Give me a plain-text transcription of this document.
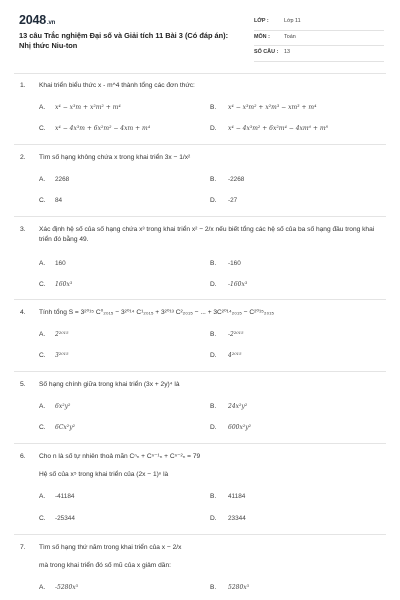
2048.vn
13 câu Trắc nghiệm Đại số và Giải tích 11 Bài 3 (Có đáp án): Nhị thức Niu-ton
LỚP :	Lớp 11
MÔN :	Toán
SỐ CÂU : 13
1. Khai triển biểu thức x - m^4 thành tổng các đơn thức:
A. x⁴ − x³m + x²m² + m⁴	B. x⁴ − x³m² + x²m³ − xm³ + m⁴
C. x⁴ − 4x³m + 6x²m² − 4xm + m⁴	D. x⁴ − 4x³m² + 6x²m⁴ − 4xm⁶ + m⁸
2. Tìm số hạng không chứa x trong khai triển 3x − 1/x²
A. 2268	B. -2268
C. 84	D. -27
3. Xác định hệ số của số hạng chứa x³ trong khai triển x² − 2/x nếu biết tổng các hệ số của ba số hạng đầu trong khai triển đó bằng 49.
A. 160	B. -160
C. 160x³	D. -160x³
4. Tính tổng S = 3²⁰¹⁵ C⁰₂₀₁₅ − 3²⁰¹⁴ C¹₂₀₁₅ + 3²⁰¹³ C²₂₀₁₅ − ... + 3C²⁰¹⁴₂₀₁₅ − C²⁰¹⁵₂₀₁₅
A. 2²⁰¹⁵	B. -2²⁰¹⁵
C. 3²⁰¹⁵	D. 4²⁰¹⁵
5. Số hạng chính giữa trong khai triển (3x + 2y)⁴ là
A. 6x²y²	B. 24x²y²
C. 6Cx²y²	D. 600x²y²
6. Cho n là số tự nhiên thoả mãn Cⁿₙ + Cⁿ⁻¹ₙ + Cⁿ⁻²ₙ = 79
Hệ số của x⁵ trong khai triển của (2x − 1)ⁿ là
A. -41184	B. 41184
C. -25344	D. 23344
7. Tìm số hạng thứ năm trong khai triển của x − 2/x
mà trong khai triển đó số mũ của x giảm dần:
A. -5280x³	B. 5280x³
